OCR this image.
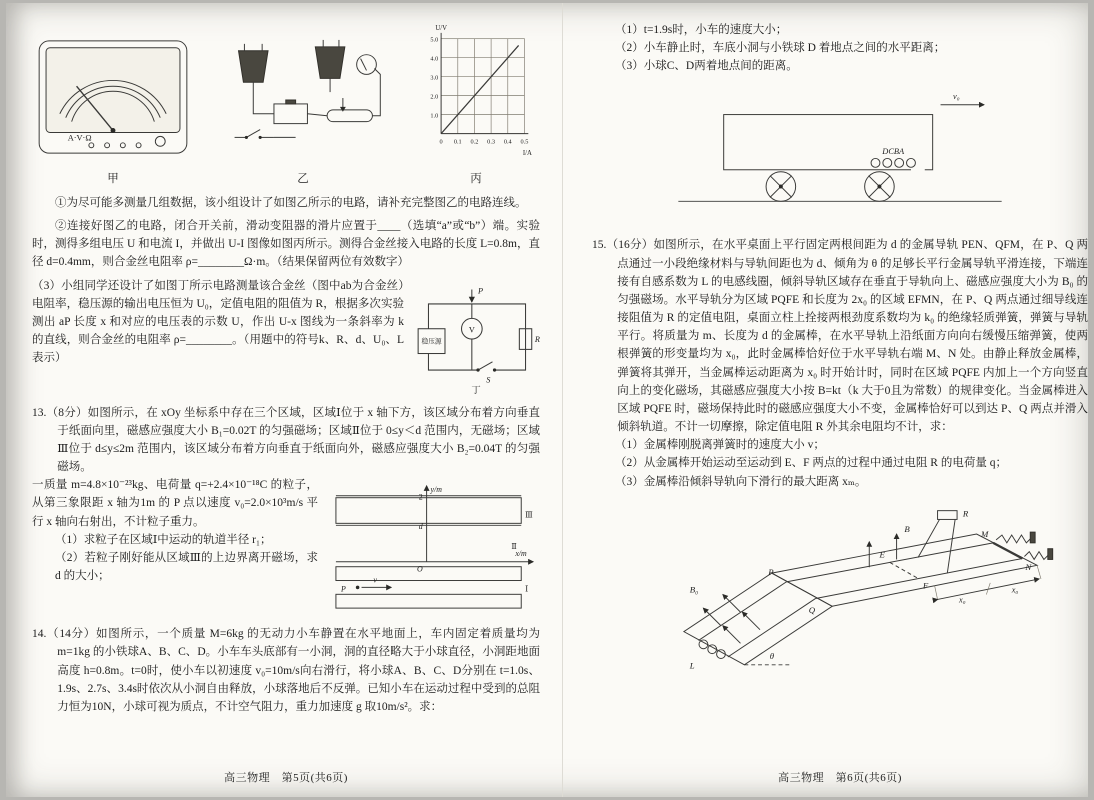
A·V·Ω
甲	乙
U/V
5.0
4.0
3.0
2.0
1.0
0 0.1 0.2 0.3 0.4 0.5
I/A
丙

①为尽可能多测量几组数据，该小组设计了如图乙所示的电路，请补充完整图乙的电路连线。

②连接好图乙的电路，闭合开关前，滑动变阻器的滑片应置于____（选填“a”或“b”）端。实验时，测得多组电压 U 和电流 I，并做出 U-I 图像如图丙所示。测得合金丝接入电路的长度 L=0.8m，直径 d=0.4mm，则合金丝电阻率 ρ=________Ω·m。（结果保留两位有效数字）

P
V
稳压源	R
S
丁

（3）小组同学还设计了如图丁所示电路测量该合金丝（图中ab为合金丝）电阻率，稳压源的输出电压恒为 U₀，定值电阻的阻值为 R，根据多次实验测出 aP 长度 x 和对应的电压表的示数 U，作出 U-x 图线为一条斜率为 k 的直线，则合金丝的电阻率 ρ=________。（用题中的符号k、R、d、U₀、L表示）

13.（8分）如图所示，在 xOy 坐标系中存在三个区域，区域Ⅰ位于 x 轴下方，该区域分布着方向垂直于纸面向里，磁感应强度大小 B₁=0.02T 的匀强磁场；区域Ⅱ位于 0≤y＜d 范围内，无磁场；区域Ⅲ位于 d≤y≤2m 范围内，该区域分布着方向垂直于纸面向外，磁感应强度大小 B₂=0.04T 的匀强磁场。

y/m
x/m
O
2
d
Ⅲ
Ⅱ
Ⅰ
P
v

一质量 m=4.8×10⁻²³kg、电荷量 q=+2.4×10⁻¹⁸C 的粒子，从第三象限距 x 轴为1m 的 P 点以速度 v₀=2.0×10³m/s 平行 x 轴向右射出，不计粒子重力。

（1）求粒子在区域Ⅰ中运动的轨道半径 r₁；

（2）若粒子刚好能从区域Ⅲ的上边界离开磁场，求 d 的大小；

14.（14分）如图所示，一个质量 M=6kg 的无动力小车静置在水平地面上，车内固定着质量均为 m=1kg 的小铁球A、B、C、D。小车车头底部有一小洞，洞的直径略大于小球直径，小洞距地面高度 h=0.8m。t=0时，使小车以初速度 v₀=10m/s向右滑行，将小球A、B、C、D分别在 t=1.0s、1.9s、2.7s、3.4s时依次从小洞自由释放，小球落地后不反弹。已知小车在运动过程中受到的总阻力恒为10N，小球可视为质点，不计空气阻力，重力加速度 g 取10m/s²。求：

高三物理　第5页(共6页)

（1）t=1.9s时，小车的速度大小；

（2）小车静止时，车底小洞与小铁球 D 着地点之间的水平距离；

（3）小球C、D两着地点间的距离。

DCBA
v₀

15.（16分）如图所示，在水平桌面上平行固定两根间距为 d 的金属导轨 PEN、QFM，在 P、Q 两点通过一小段绝缘材料与导轨间距也为 d、倾角为 θ 的足够长平行金属导轨平滑连接，下端连接有自感系数为 L 的电感线圈，倾斜导轨区域存在垂直于导轨向上、磁感应强度大小为 B₀ 的匀强磁场。水平导轨分为区域 PQFE 和长度为 2x₀ 的区域 EFMN，在 P、Q 两点通过细导线连接阻值为 R 的定值电阻，桌面立柱上拴接两根劲度系数均为 k₀ 的绝缘轻质弹簧，弹簧与导轨平行。将质量为 m、长度为 d 的金属棒，在水平导轨上沿纸面方向向右缓慢压缩弹簧，使两根弹簧的形变量均为 x₀，此时金属棒恰好位于水平导轨右端 M、N 处。由静止释放金属棒，弹簧将其弹开，当金属棒运动距离为 x₀ 时开始计时，同时在区域 PQFE 内加上一个方向竖直向上的变化磁场，其磁感应强度大小按 B=kt（k 大于0且为常数）的规律变化。当金属棒进入区域 PQFE 时，磁场保持此时的磁感应强度大小不变，金属棒恰好可以到达 P、Q 两点并滑入倾斜轨道。不计一切摩擦，除定值电阻 R 外其余电阻均不计，求：

（1）金属棒刚脱离弹簧时的速度大小 v；

（2）从金属棒开始运动至运动到 E、F 两点的过程中通过电阻 R 的电荷量 q；

（3）金属棒沿倾斜导轨向下滑行的最大距离 xₘ。

P
Q
E
F
M
N
R
B
B₀
L
x₀
x₀
θ
高三物理　第6页(共6页)
